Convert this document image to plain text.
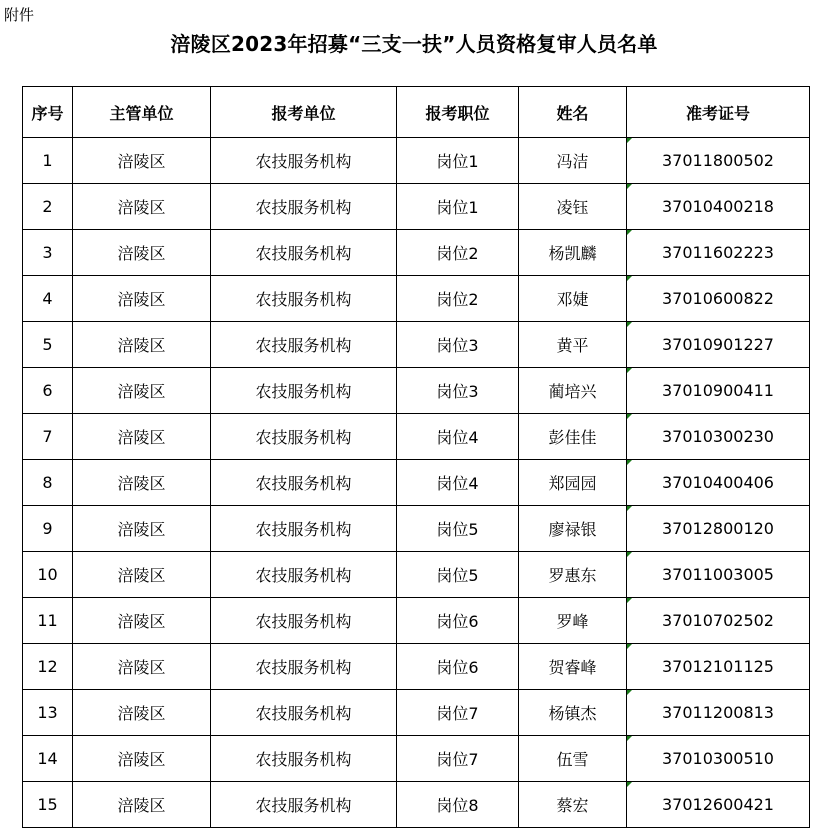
附件
涪陵区2023年招募“三支一扶”人员资格复审人员名单
序号	主管单位	报考单位	报考职位	姓名	准考证号
1	涪陵区	农技服务机构	岗位1	冯洁	37011800502
2	涪陵区	农技服务机构	岗位1	凌钰	37010400218
3	涪陵区	农技服务机构	岗位2	杨凯麟	37011602223
4	涪陵区	农技服务机构	岗位2	邓婕	37010600822
5	涪陵区	农技服务机构	岗位3	黄平	37010901227
6	涪陵区	农技服务机构	岗位3	蔺培兴	37010900411
7	涪陵区	农技服务机构	岗位4	彭佳佳	37010300230
8	涪陵区	农技服务机构	岗位4	郑园园	37010400406
9	涪陵区	农技服务机构	岗位5	廖禄银	37012800120
10	涪陵区	农技服务机构	岗位5	罗惠东	37011003005
11	涪陵区	农技服务机构	岗位6	罗峰	37010702502
12	涪陵区	农技服务机构	岗位6	贺睿峰	37012101125
13	涪陵区	农技服务机构	岗位7	杨镇杰	37011200813
14	涪陵区	农技服务机构	岗位7	伍雪	37010300510
15	涪陵区	农技服务机构	岗位8	蔡宏	37012600421
